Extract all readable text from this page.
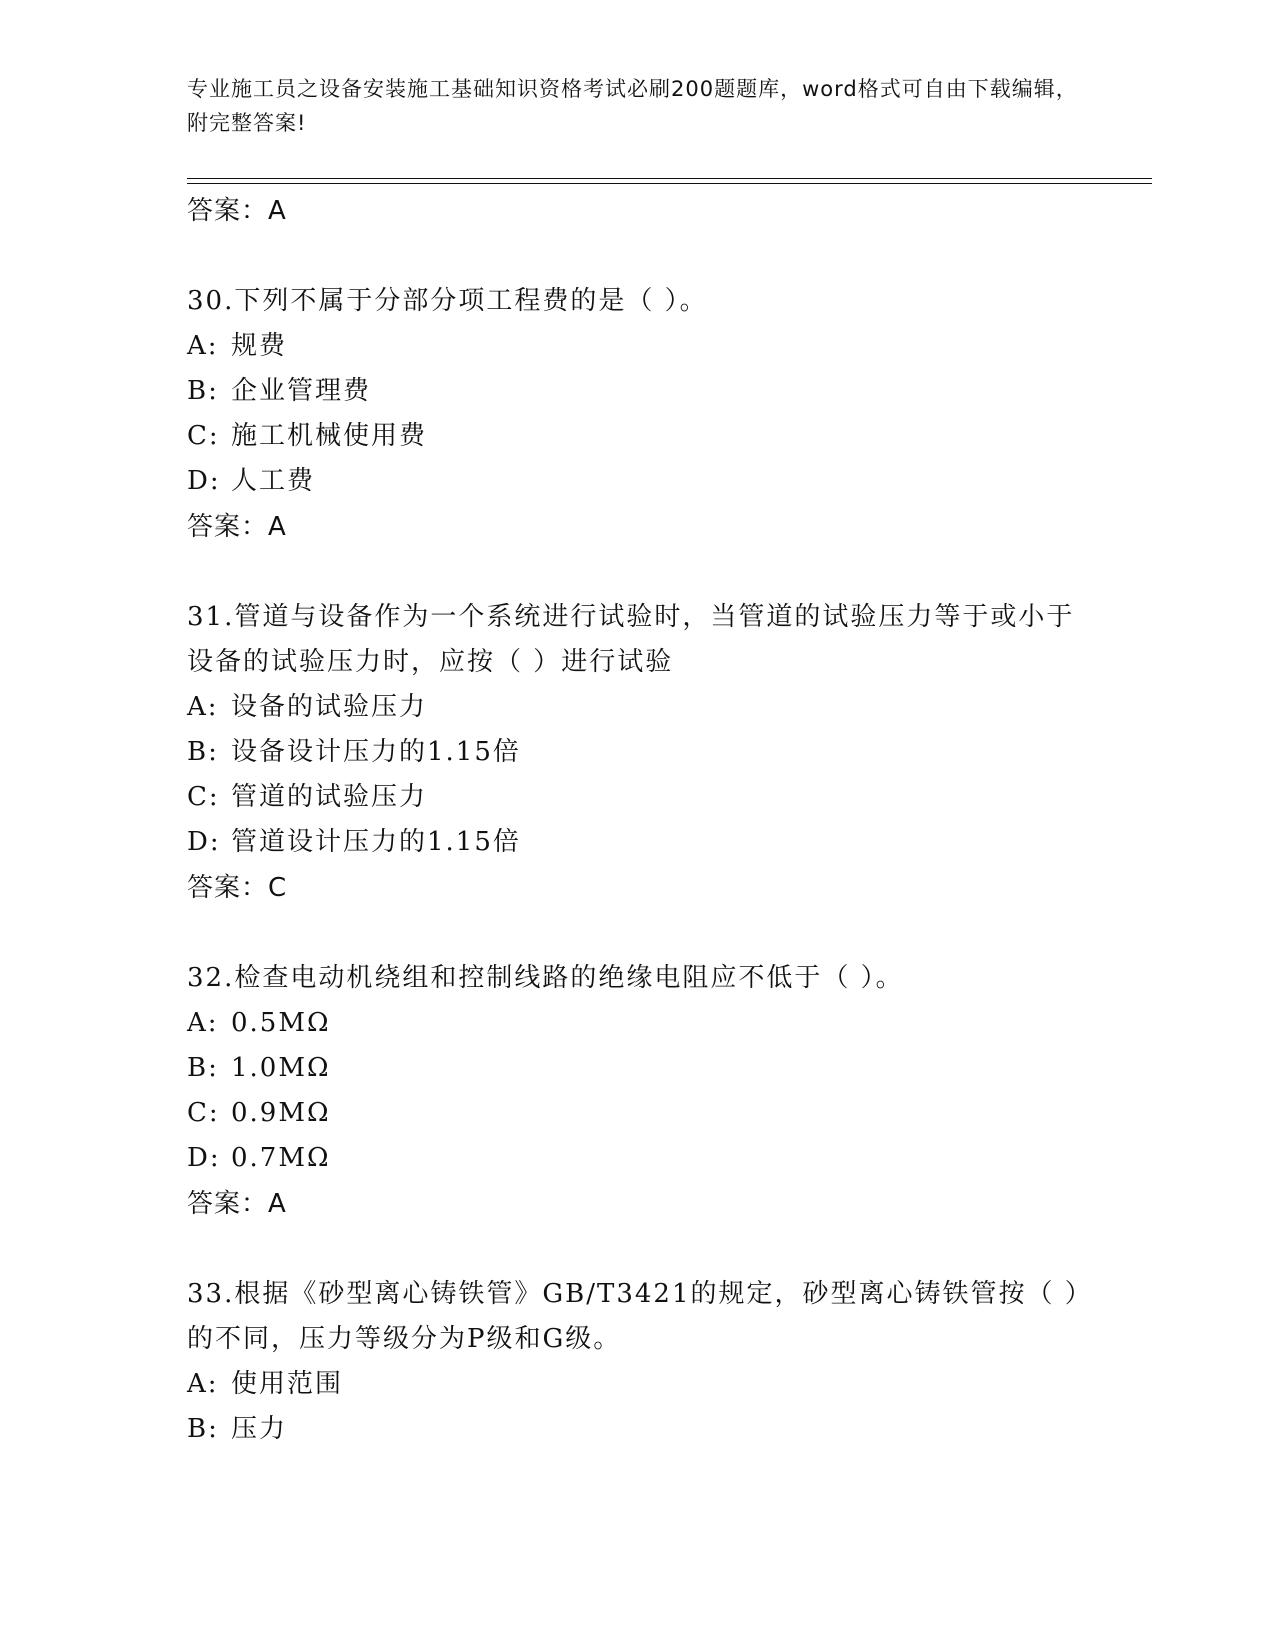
专业施工员之设备安装施工基础知识资格考试必刷200题题库，word格式可自由下载编辑，附完整答案!
答案：A
30.下列不属于分部分项工程费的是（ ）。
A: 规费
B: 企业管理费
C: 施工机械使用费
D: 人工费
答案：A
31.管道与设备作为一个系统进行试验时，当管道的试验压力等于或小于设备的试验压力时，应按（ ）进行试验
A: 设备的试验压力
B: 设备设计压力的1.15倍
C: 管道的试验压力
D: 管道设计压力的1.15倍
答案：C
32.检查电动机绕组和控制线路的绝缘电阻应不低于（ ）。
A: 0.5MΩ
B: 1.0MΩ
C: 0.9MΩ
D: 0.7MΩ
答案：A
33.根据《砂型离心铸铁管》GB/T3421的规定，砂型离心铸铁管按（ ）的不同，压力等级分为P级和G级。
A: 使用范围
B: 压力
